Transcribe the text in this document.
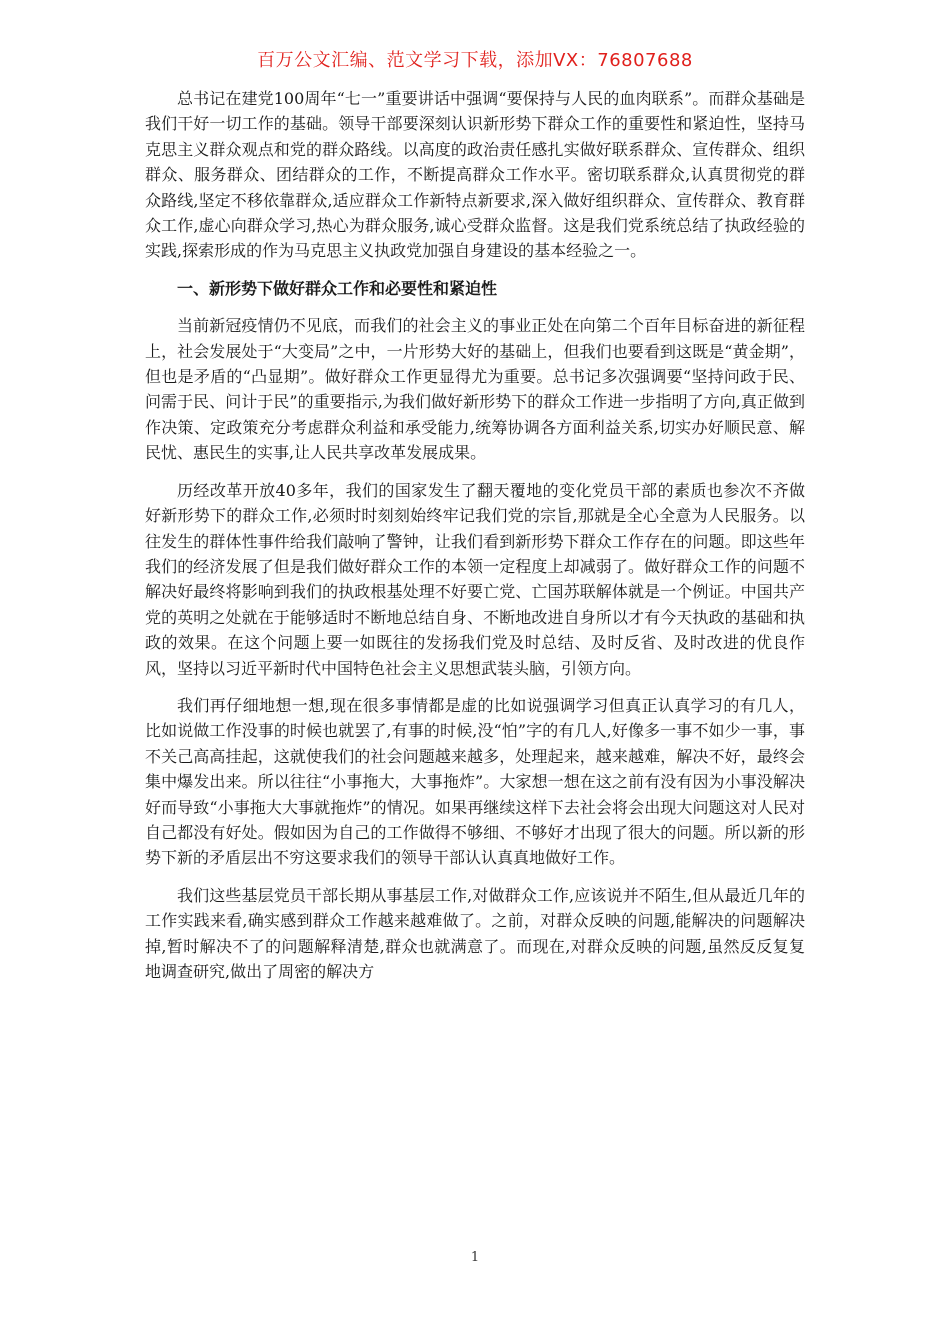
百万公文汇编、范文学习下载，添加VX：76807688

总书记在建党100周年“七一”重要讲话中强调“要保持与人民的血肉联系”。而群众基础是我们干好一切工作的基础。领导干部要深刻认识新形势下群众工作的重要性和紧迫性，坚持马克思主义群众观点和党的群众路线。以高度的政治责任感扎实做好联系群众、宣传群众、组织群众、服务群众、团结群众的工作，不断提高群众工作水平。密切联系群众,认真贯彻党的群众路线,坚定不移依靠群众,适应群众工作新特点新要求,深入做好组织群众、宣传群众、教育群众工作,虚心向群众学习,热心为群众服务,诚心受群众监督。这是我们党系统总结了执政经验的实践,探索形成的作为马克思主义执政党加强自身建设的基本经验之一。

一、新形势下做好群众工作和必要性和紧迫性

当前新冠疫情仍不见底，而我们的社会主义的事业正处在向第二个百年目标奋进的新征程上，社会发展处于“大变局”之中，一片形势大好的基础上，但我们也要看到这既是“黄金期”，但也是矛盾的“凸显期”。做好群众工作更显得尤为重要。总书记多次强调要“坚持问政于民、问需于民、问计于民”的重要指示,为我们做好新形势下的群众工作进一步指明了方向,真正做到作决策、定政策充分考虑群众利益和承受能力,统筹协调各方面利益关系,切实办好顺民意、解民忧、惠民生的实事,让人民共享改革发展成果。

历经改革开放40多年，我们的国家发生了翻天覆地的变化党员干部的素质也参次不齐做好新形势下的群众工作,必须时时刻刻始终牢记我们党的宗旨,那就是全心全意为人民服务。以往发生的群体性事件给我们敲响了警钟，让我们看到新形势下群众工作存在的问题。即这些年我们的经济发展了但是我们做好群众工作的本领一定程度上却减弱了。做好群众工作的问题不解决好最终将影响到我们的执政根基处理不好要亡党、亡国苏联解体就是一个例证。中国共产党的英明之处就在于能够适时不断地总结自身、不断地改进自身所以才有今天执政的基础和执政的效果。在这个问题上要一如既往的发扬我们党及时总结、及时反省、及时改进的优良作风，坚持以习近平新时代中国特色社会主义思想武装头脑，引领方向。

我们再仔细地想一想,现在很多事情都是虚的比如说强调学习但真正认真学习的有几人，比如说做工作没事的时候也就罢了,有事的时候,没“怕”字的有几人,好像多一事不如少一事，事不关己高高挂起，这就使我们的社会问题越来越多，处理起来，越来越难，解决不好，最终会集中爆发出来。所以往往“小事拖大，大事拖炸”。大家想一想在这之前有没有因为小事没解决好而导致“小事拖大大事就拖炸”的情况。如果再继续这样下去社会将会出现大问题这对人民对自己都没有好处。假如因为自己的工作做得不够细、不够好才出现了很大的问题。所以新的形势下新的矛盾层出不穷这要求我们的领导干部认认真真地做好工作。

我们这些基层党员干部长期从事基层工作,对做群众工作,应该说并不陌生,但从最近几年的工作实践来看,确实感到群众工作越来越难做了。之前，对群众反映的问题,能解决的问题解决掉,暂时解决不了的问题解释清楚,群众也就满意了。而现在,对群众反映的问题,虽然反反复复地调查研究,做出了周密的解决方

1
